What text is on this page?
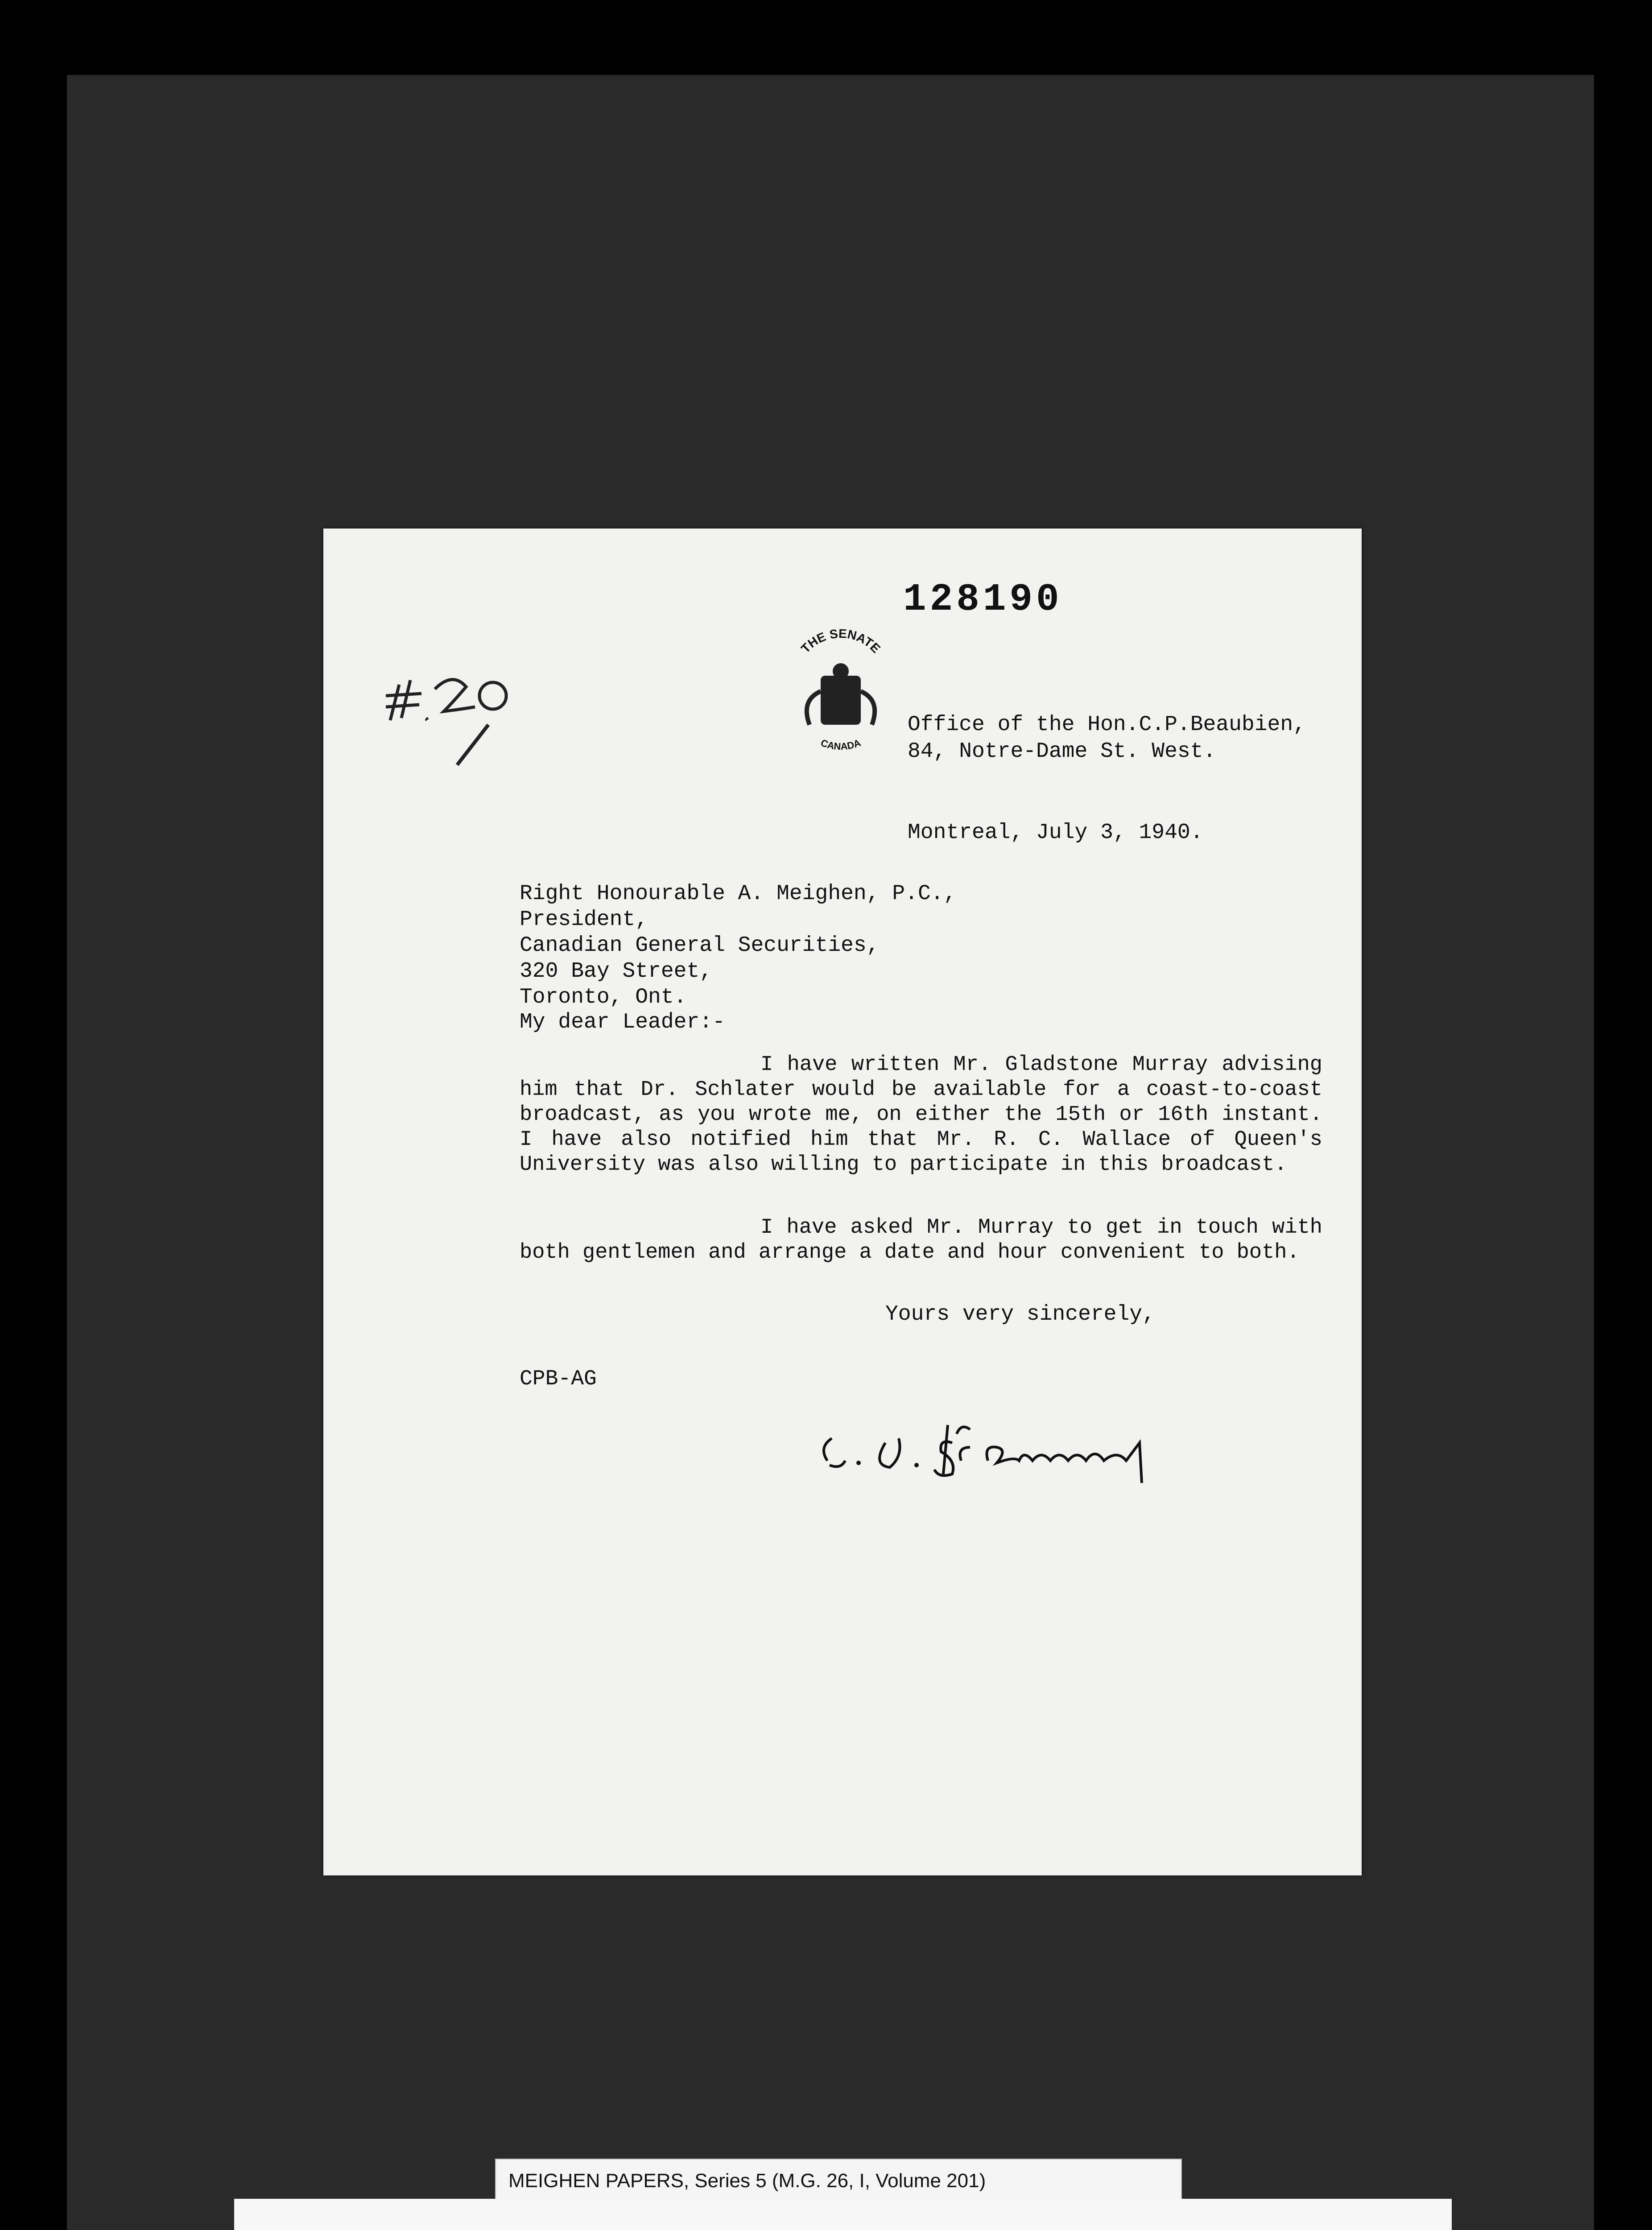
128190
THE SENATE
CANADA
Office of the Hon.C.P.Beaubien,
84, Notre-Dame St. West.
Montreal, July 3, 1940.
Right Honourable A. Meighen, P.C.,
President,
Canadian General Securities,
320 Bay Street,
Toronto, Ont.
My dear Leader:-
I have written Mr. Gladstone Murray advising him that Dr. Schlater would be available for a coast-to-coast broadcast, as you wrote me, on either the 15th or 16th instant. I have also notified him that Mr. R. C. Wallace of Queen's University was also willing to participate in this broadcast.
I have asked Mr. Murray to get in touch with both gentlemen and arrange a date and hour convenient to both.
Yours very sincerely,
CPB-AG
MEIGHEN PAPERS, Series 5 (M.G. 26, I, Volume 201)
